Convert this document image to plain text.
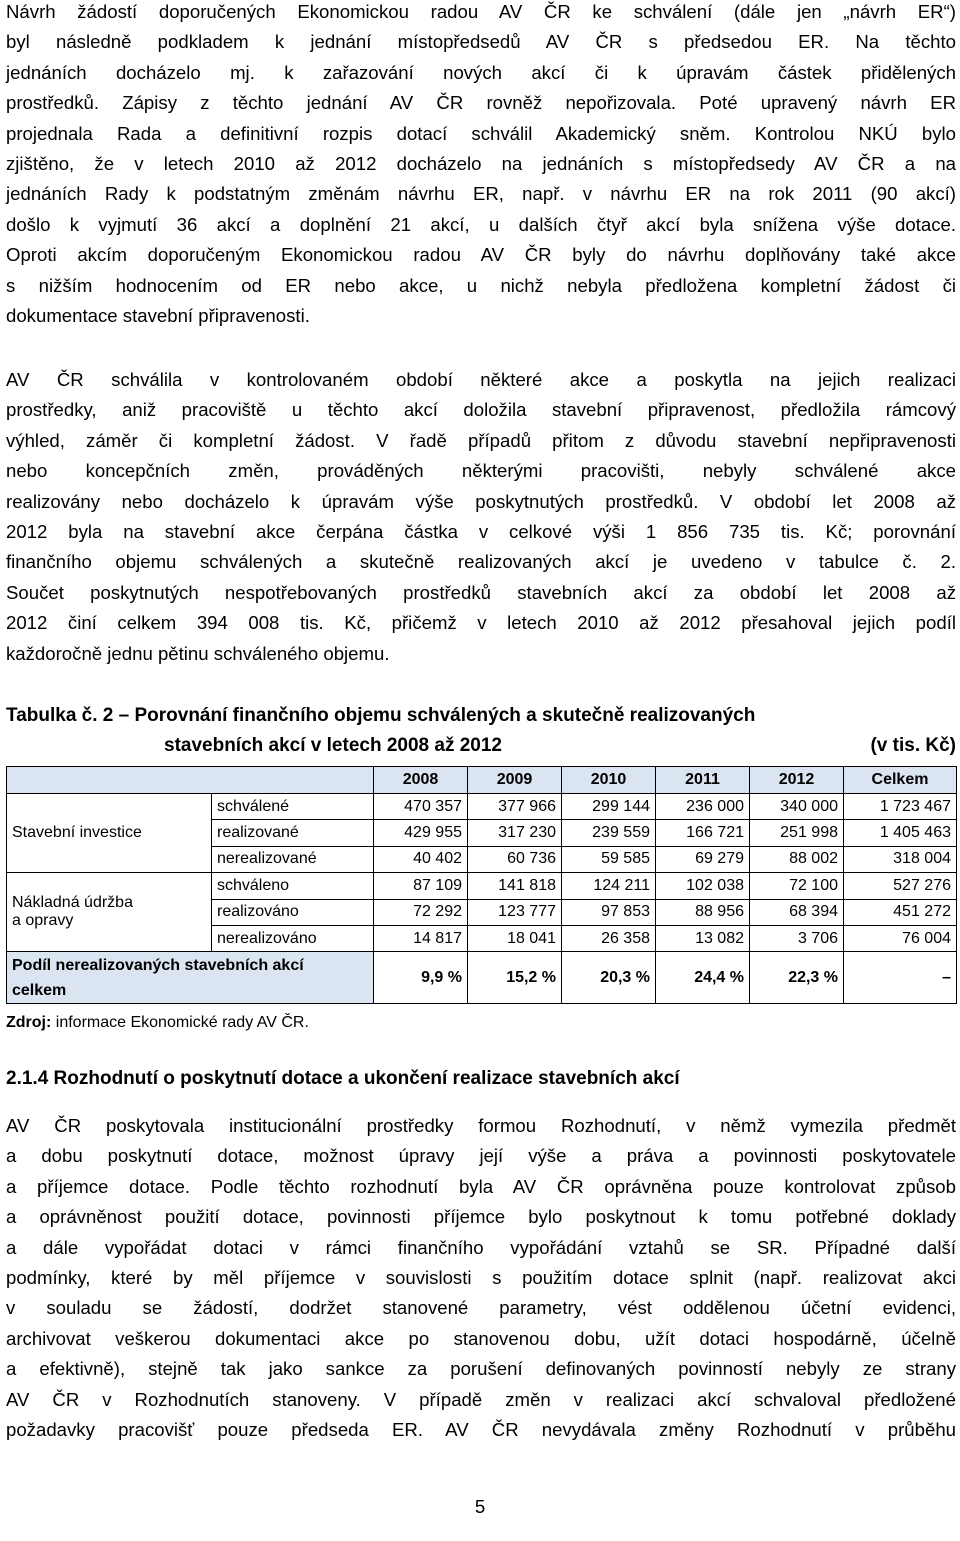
Návrh žádostí doporučených Ekonomickou radou AV ČR ke schválení (dále jen „návrh ER“)
byl následně podkladem k jednání místopředsedů AV ČR s předsedou ER. Na těchto
jednáních docházelo mj. k zařazování nových akcí či k úpravám částek přidělených
prostředků. Zápisy z těchto jednání AV ČR rovněž nepořizovala. Poté upravený návrh ER
projednala Rada a definitivní rozpis dotací schválil Akademický sněm. Kontrolou NKÚ bylo
zjištěno, že v letech 2010 až 2012 docházelo na jednáních s místopředsedy AV ČR a na
jednáních Rady k podstatným změnám návrhu ER, např. v návrhu ER na rok 2011 (90 akcí)
došlo k vyjmutí 36 akcí a doplnění 21 akcí, u dalších čtyř akcí byla snížena výše dotace.
Oproti akcím doporučeným Ekonomickou radou AV ČR byly do návrhu doplňovány také akce
s nižším hodnocením od ER nebo akce, u nichž nebyla předložena kompletní žádost či
dokumentace stavební připravenosti.
AV ČR schválila v kontrolovaném období některé akce a poskytla na jejich realizaci
prostředky, aniž pracoviště u těchto akcí doložila stavební připravenost, předložila rámcový
výhled, záměr či kompletní žádost. V řadě případů přitom z důvodu stavební nepřipravenosti
nebo koncepčních změn, prováděných některými pracovišti, nebyly schválené akce
realizovány nebo docházelo k úpravám výše poskytnutých prostředků. V období let 2008 až
2012 byla na stavební akce čerpána částka v celkové výši 1 856 735 tis. Kč; porovnání
finančního objemu schválených a skutečně realizovaných akcí je uvedeno v tabulce č. 2.
Součet poskytnutých nespotřebovaných prostředků stavebních akcí za období let 2008 až
2012 činí celkem 394 008 tis. Kč, přičemž v letech 2010 až 2012 přesahoval jejich podíl
každoročně jednu pětinu schváleného objemu.
Tabulka č. 2 – Porovnání finančního objemu schválených a skutečně realizovaných
stavebních akcí v letech 2008 až 2012	(v tis. Kč)
		2008	2009	2010	2011	2012	Celkem
Stavební investice	schválené	470 357	377 966	299 144	236 000	340 000	1 723 467
	realizované	429 955	317 230	239 559	166 721	251 998	1 405 463
	nerealizované	40 402	60 736	59 585	69 279	88 002	318 004
Nákladná údržba
a opravy	schváleno	87 109	141 818	124 211	102 038	72 100	527 276
	realizováno	72 292	123 777	97 853	88 956	68 394	451 272
	nerealizováno	14 817	18 041	26 358	13 082	3 706	76 004
Podíl nerealizovaných stavebních akcí
celkem		9,9 %	15,2 %	20,3 %	24,4 %	22,3 %	–
Zdroj: informace Ekonomické rady AV ČR.
2.1.4 Rozhodnutí o poskytnutí dotace a ukončení realizace stavebních akcí
AV ČR poskytovala institucionální prostředky formou Rozhodnutí, v němž vymezila předmět
a dobu poskytnutí dotace, možnost úpravy její výše a práva a povinnosti poskytovatele
a příjemce dotace. Podle těchto rozhodnutí byla AV ČR oprávněna pouze kontrolovat způsob
a oprávněnost použití dotace, povinnosti příjemce bylo poskytnout k tomu potřebné doklady
a dále vypořádat dotaci v rámci finančního vypořádání vztahů se SR. Případné další
podmínky, které by měl příjemce v souvislosti s použitím dotace splnit (např. realizovat akci
v souladu se žádostí, dodržet stanovené parametry, vést oddělenou účetní evidenci,
archivovat veškerou dokumentaci akce po stanovenou dobu, užít dotaci hospodárně, účelně
a efektivně), stejně tak jako sankce za porušení definovaných povinností nebyly ze strany
AV ČR v Rozhodnutích stanoveny. V případě změn v realizaci akcí schvaloval předložené
požadavky pracovišť pouze předseda ER. AV ČR nevydávala změny Rozhodnutí v průběhu
5
